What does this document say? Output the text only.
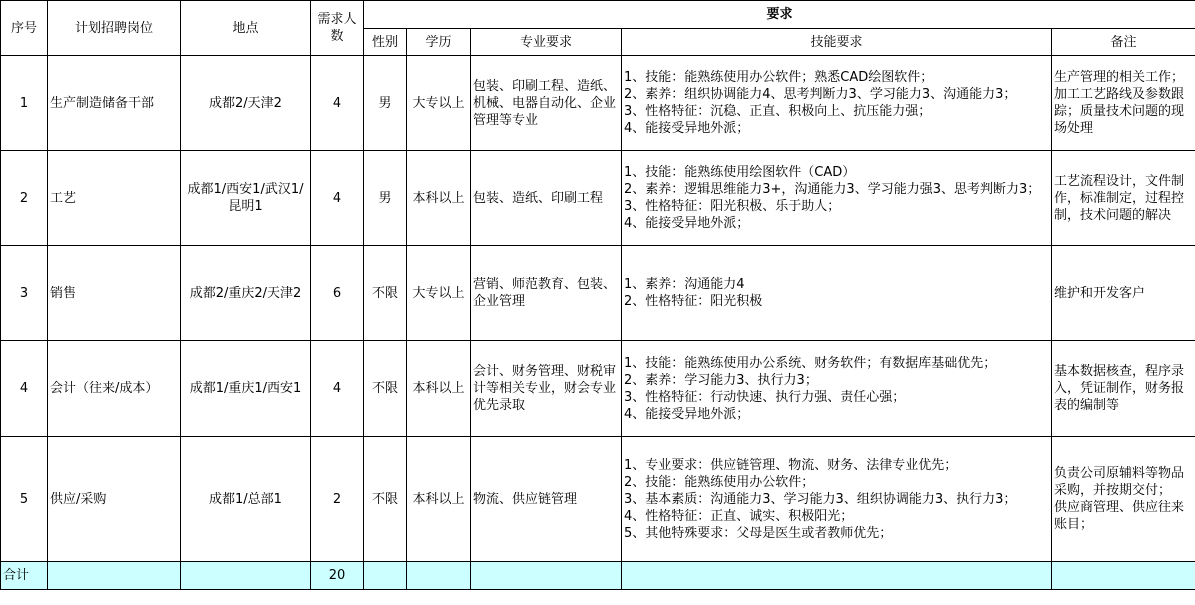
序号	计划招聘岗位	地点	需求人数	要求				
				性别	学历	专业要求	技能要求	备注
1	生产制造储备干部	成都2/天津2	4	男	大专以上	包装、印刷工程、造纸、机械、电器自动化、企业管理等专业	1、技能：能熟练使用办公软件；熟悉CAD绘图软件；
2、素养：组织协调能力4、思考判断力3、学习能力3、沟通能力3；
3、性格特征：沉稳、正直、积极向上、抗压能力强；
4、能接受异地外派；	生产管理的相关工作；加工工艺路线及参数跟踪；质量技术问题的现场处理
2	工艺	成都1/西安1/武汉1/昆明1	4	男	本科以上	包装、造纸、印刷工程	1、技能：能熟练使用绘图软件（CAD）
2、素养：逻辑思维能力3+，沟通能力3、学习能力强3、思考判断力3；
3、性格特征：阳光积极、乐于助人；
4、能接受异地外派；	工艺流程设计，文件制作，标准制定，过程控制，技术问题的解决
3	销售	成都2/重庆2/天津2	6	不限	大专以上	营销、师范教育、包装、企业管理	1、素养：沟通能力4
2、性格特征：阳光积极	维护和开发客户
4	会计（往来/成本）	成都1/重庆1/西安1	4	不限	本科以上	会计、财务管理、财税审计等相关专业，财会专业优先录取	1、技能：能熟练使用办公系统、财务软件；有数据库基础优先；
2、素养：学习能力3、执行力3；
3、性格特征：行动快速、执行力强、责任心强；
4、能接受异地外派；	基本数据核查，程序录入，凭证制作，财务报表的编制等
5	供应/采购	成都1/总部1	2	不限	本科以上	物流、供应链管理	1、专业要求：供应链管理、物流、财务、法律专业优先；
2、技能：能熟练使用办公软件；
3、基本素质：沟通能力3、学习能力3、组织协调能力3、执行力3；
4、性格特征：正直、诚实、积极阳光；
5、其他特殊要求：父母是医生或者教师优先；	负责公司原辅料等物品采购，并按期交付；
供应商管理、供应往来账目；
合计			20					
